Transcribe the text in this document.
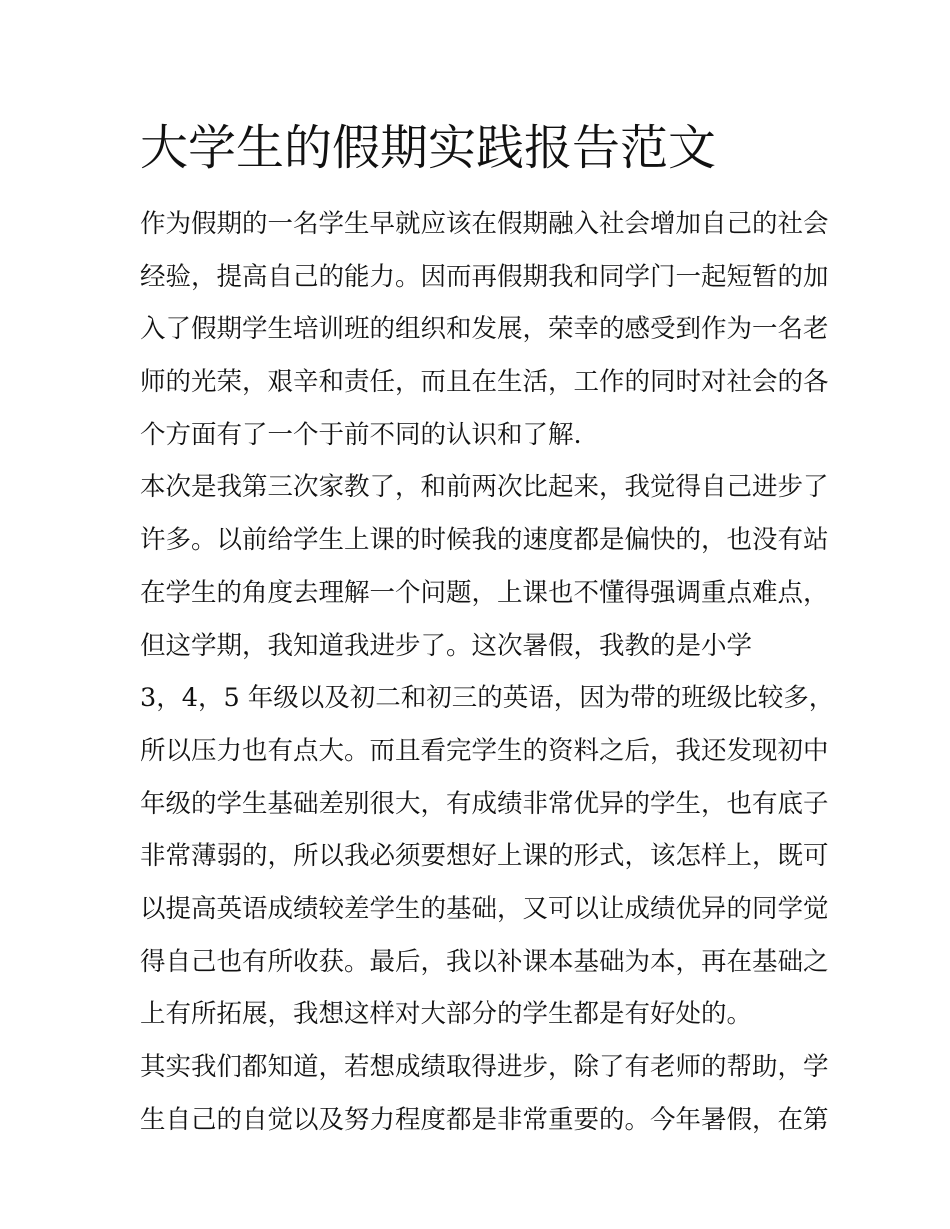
大学生的假期实践报告范文
作为假期的一名学生早就应该在假期融入社会增加自己的社会
经验，提高自己的能力。因而再假期我和同学门一起短暂的加
入了假期学生培训班的组织和发展，荣幸的感受到作为一名老
师的光荣，艰辛和责任，而且在生活，工作的同时对社会的各
个方面有了一个于前不同的认识和了解.
本次是我第三次家教了，和前两次比起来，我觉得自己进步了
许多。以前给学生上课的时候我的速度都是偏快的，也没有站
在学生的角度去理解一个问题，上课也不懂得强调重点难点，
但这学期，我知道我进步了。这次暑假，我教的是小学
3，4，5 年级以及初二和初三的英语，因为带的班级比较多，
所以压力也有点大。而且看完学生的资料之后，我还发现初中
年级的学生基础差别很大，有成绩非常优异的学生，也有底子
非常薄弱的，所以我必须要想好上课的形式，该怎样上，既可
以提高英语成绩较差学生的基础，又可以让成绩优异的同学觉
得自己也有所收获。最后，我以补课本基础为本，再在基础之
上有所拓展，我想这样对大部分的学生都是有好处的。
其实我们都知道，若想成绩取得进步，除了有老师的帮助，学
生自己的自觉以及努力程度都是非常重要的。今年暑假，在第
